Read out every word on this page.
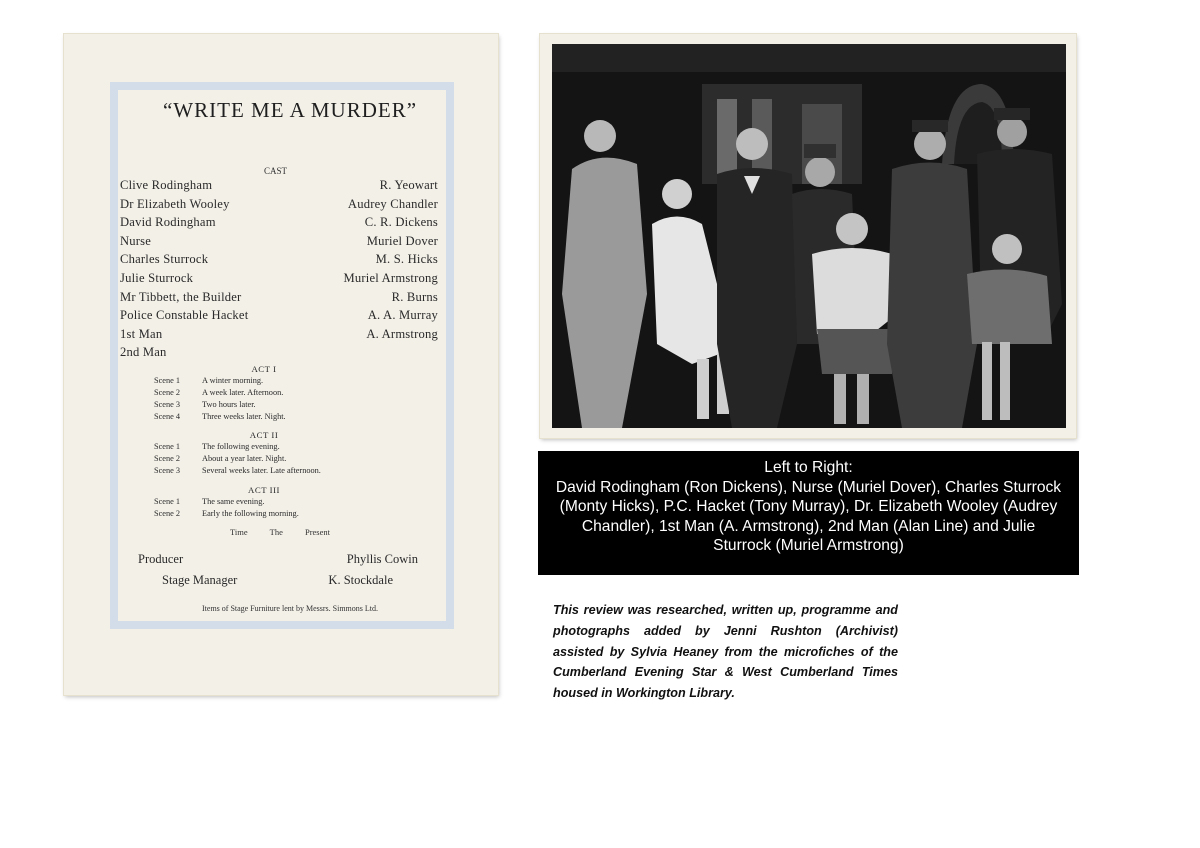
“WRITE ME A MURDER”
CAST
Clive Rodingham	R. Yeowart
Dr Elizabeth Wooley	Audrey Chandler
David Rodingham	C. R. Dickens
Nurse	Muriel Dover
Charles Sturrock	M. S. Hicks
Julie Sturrock	Muriel Armstrong
Mr Tibbett, the Builder	R. Burns
Police Constable Hacket	A. A. Murray
1st Man	A. Armstrong
2nd Man
ACT I
Scene 1	A winter morning.
Scene 2	A week later. Afternoon.
Scene 3	Two hours later.
Scene 4	Three weeks later. Night.
ACT II
Scene 1	The following evening.
Scene 2	About a year later. Night.
Scene 3	Several weeks later. Late afternoon.
ACT III
Scene 1	The same evening.
Scene 2	Early the following morning.
Time	The Present
Producer	Phyllis Cowin
Stage Manager	K. Stockdale
Items of Stage Furniture lent by Messrs. Simmons Ltd.
Left to Right:
David Rodingham (Ron Dickens), Nurse (Muriel Dover), Charles Sturrock (Monty Hicks), P.C. Hacket (Tony Murray), Dr. Elizabeth Wooley (Audrey Chandler), 1st Man (A. Armstrong), 2nd Man (Alan Line) and Julie Sturrock (Muriel Armstrong)
This review was researched, written up, programme and photographs added by Jenni Rushton (Archivist) assisted by Sylvia Heaney from the microfiches of the Cumberland Evening Star & West Cumberland Times housed in Workington Library.
